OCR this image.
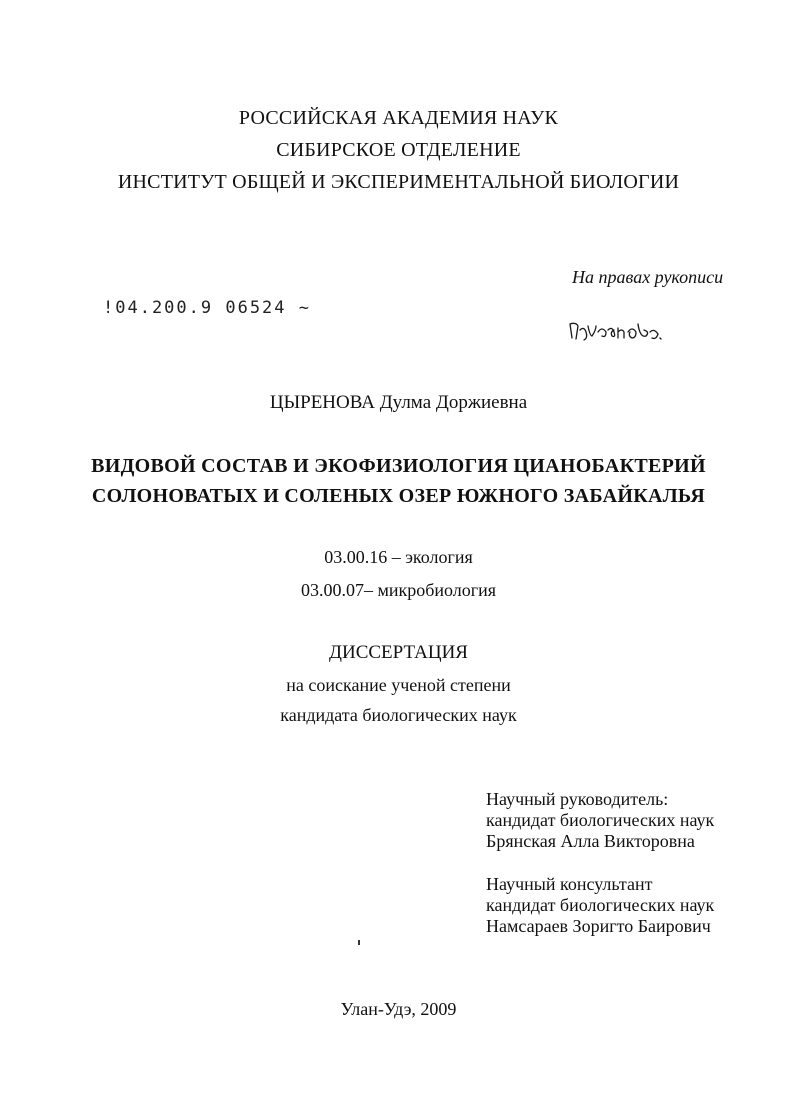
РОССИЙСКАЯ АКАДЕМИЯ НАУК
СИБИРСКОЕ ОТДЕЛЕНИЕ
ИНСТИТУТ ОБЩЕЙ И ЭКСПЕРИМЕНТАЛЬНОЙ БИОЛОГИИ
На правах рукописи
!04.200.9 06524 ~
ЦЫРЕНОВА Дулма Доржиевна
ВИДОВОЙ СОСТАВ И ЭКОФИЗИОЛОГИЯ ЦИАНОБАКТЕРИЙ
СОЛОНОВАТЫХ И СОЛЕНЫХ ОЗЕР ЮЖНОГО ЗАБАЙКАЛЬЯ
03.00.16 – экология
03.00.07– микробиология
ДИССЕРТАЦИЯ
на соискание ученой степени
кандидата биологических наук
Научный руководитель:
кандидат биологических наук
Брянская Алла Викторовна
Научный консультант
кандидат биологических наук
Намсараев Зоригто Баирович
Улан-Удэ, 2009
